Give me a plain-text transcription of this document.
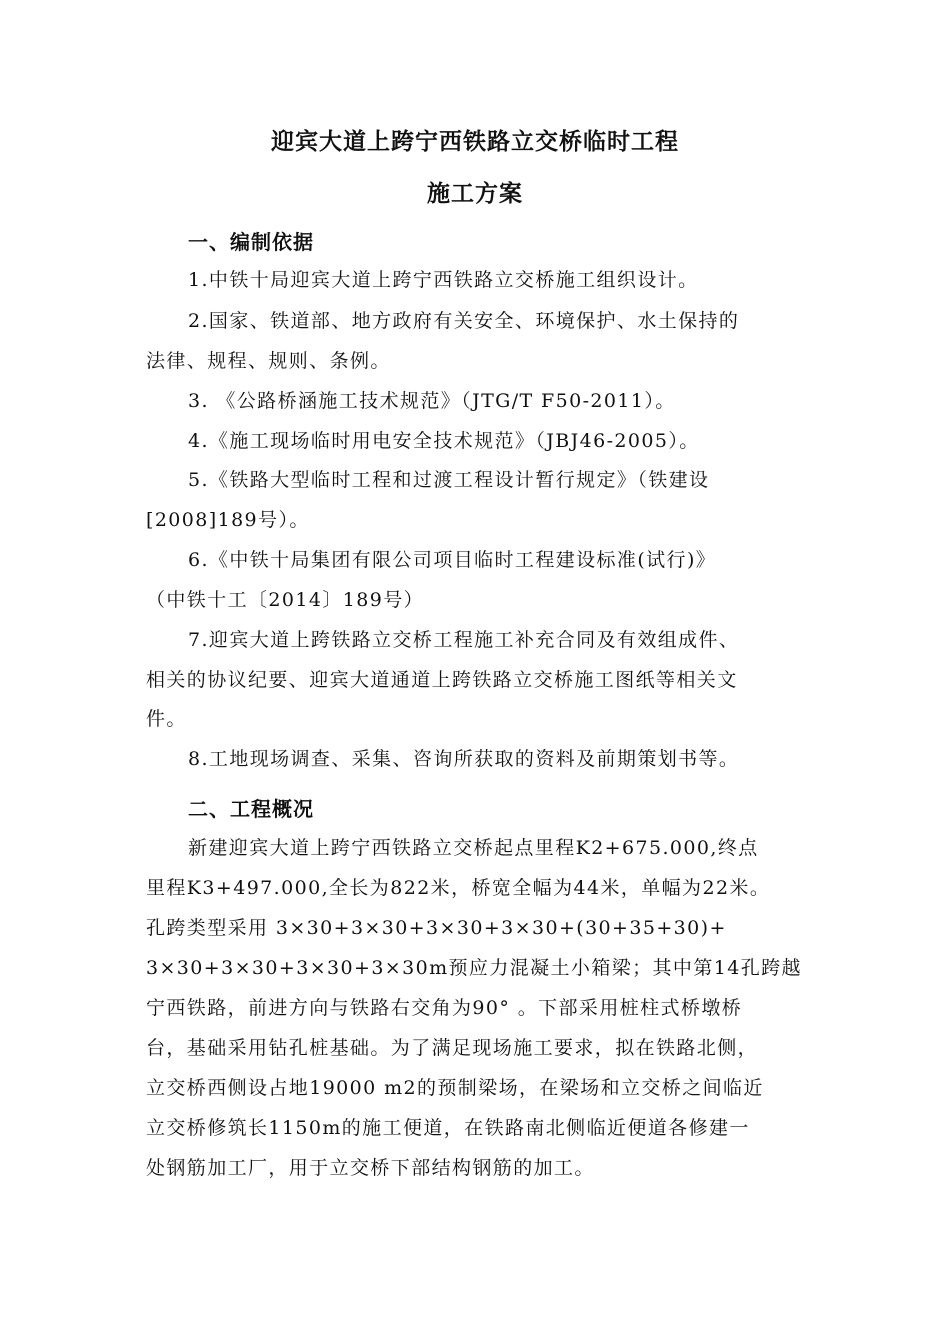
迎宾大道上跨宁西铁路立交桥临时工程
施工方案
一、编制依据
1.中铁十局迎宾大道上跨宁西铁路立交桥施工组织设计。
2.国家、铁道部、地方政府有关安全、环境保护、水土保持的
法律、规程、规则、条例。
3. 《公路桥涵施工技术规范》（JTG/T F50-2011）。
4.《施工现场临时用电安全技术规范》（JBJ46-2005）。
5.《铁路大型临时工程和过渡工程设计暂行规定》（铁建设
[2008]189号）。
6.《中铁十局集团有限公司项目临时工程建设标准(试行)》
（中铁十工〔2014〕189号）
7.迎宾大道上跨铁路立交桥工程施工补充合同及有效组成件、
相关的协议纪要、迎宾大道通道上跨铁路立交桥施工图纸等相关文
件。
8.工地现场调查、采集、咨询所获取的资料及前期策划书等。
二、工程概况
新建迎宾大道上跨宁西铁路立交桥起点里程K2+675.000,终点
里程K3+497.000,全长为822米，桥宽全幅为44米，单幅为22米。
孔跨类型采用 3×30+3×30+3×30+3×30+(30+35+30)+
3×30+3×30+3×30+3×30m预应力混凝土小箱梁；其中第14孔跨越
宁西铁路，前进方向与铁路右交角为90° 。下部采用桩柱式桥墩桥
台，基础采用钻孔桩基础。为了满足现场施工要求，拟在铁路北侧，
立交桥西侧设占地19000 m2的预制梁场，在梁场和立交桥之间临近
立交桥修筑长1150m的施工便道，在铁路南北侧临近便道各修建一
处钢筋加工厂，用于立交桥下部结构钢筋的加工。
